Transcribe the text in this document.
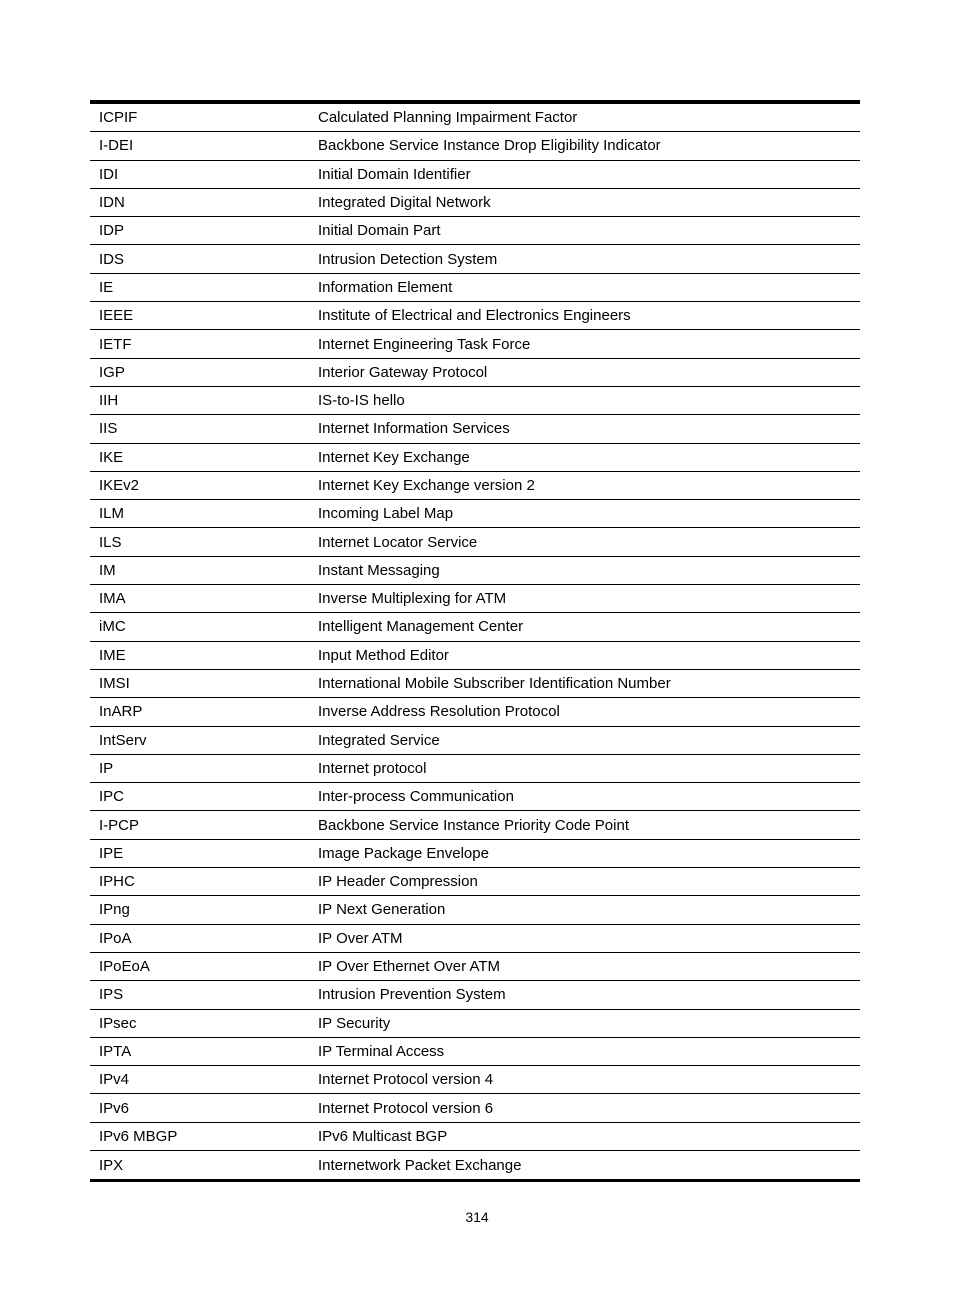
ICPIF	Calculated Planning Impairment Factor
I-DEI	Backbone Service Instance Drop Eligibility Indicator
IDI	Initial Domain Identifier
IDN	Integrated Digital Network
IDP	Initial Domain Part
IDS	Intrusion Detection System
IE	Information Element
IEEE	Institute of Electrical and Electronics Engineers
IETF	Internet Engineering Task Force
IGP	Interior Gateway Protocol
IIH	IS-to-IS hello
IIS	Internet Information Services
IKE	Internet Key Exchange
IKEv2	Internet Key Exchange version 2
ILM	Incoming Label Map
ILS	Internet Locator Service
IM	Instant Messaging
IMA	Inverse Multiplexing for ATM
iMC	Intelligent Management Center
IME	Input Method Editor
IMSI	International Mobile Subscriber Identification Number
InARP	Inverse Address Resolution Protocol
IntServ	Integrated Service
IP	Internet protocol
IPC	Inter-process Communication
I-PCP	Backbone Service Instance Priority Code Point
IPE	Image Package Envelope
IPHC	IP Header Compression
IPng	IP Next Generation
IPoA	IP Over ATM
IPoEoA	IP Over Ethernet Over ATM
IPS	Intrusion Prevention System
IPsec	IP Security
IPTA	IP Terminal Access
IPv4	Internet Protocol version 4
IPv6	Internet Protocol version 6
IPv6 MBGP	IPv6 Multicast BGP
IPX	Internetwork Packet Exchange
314
